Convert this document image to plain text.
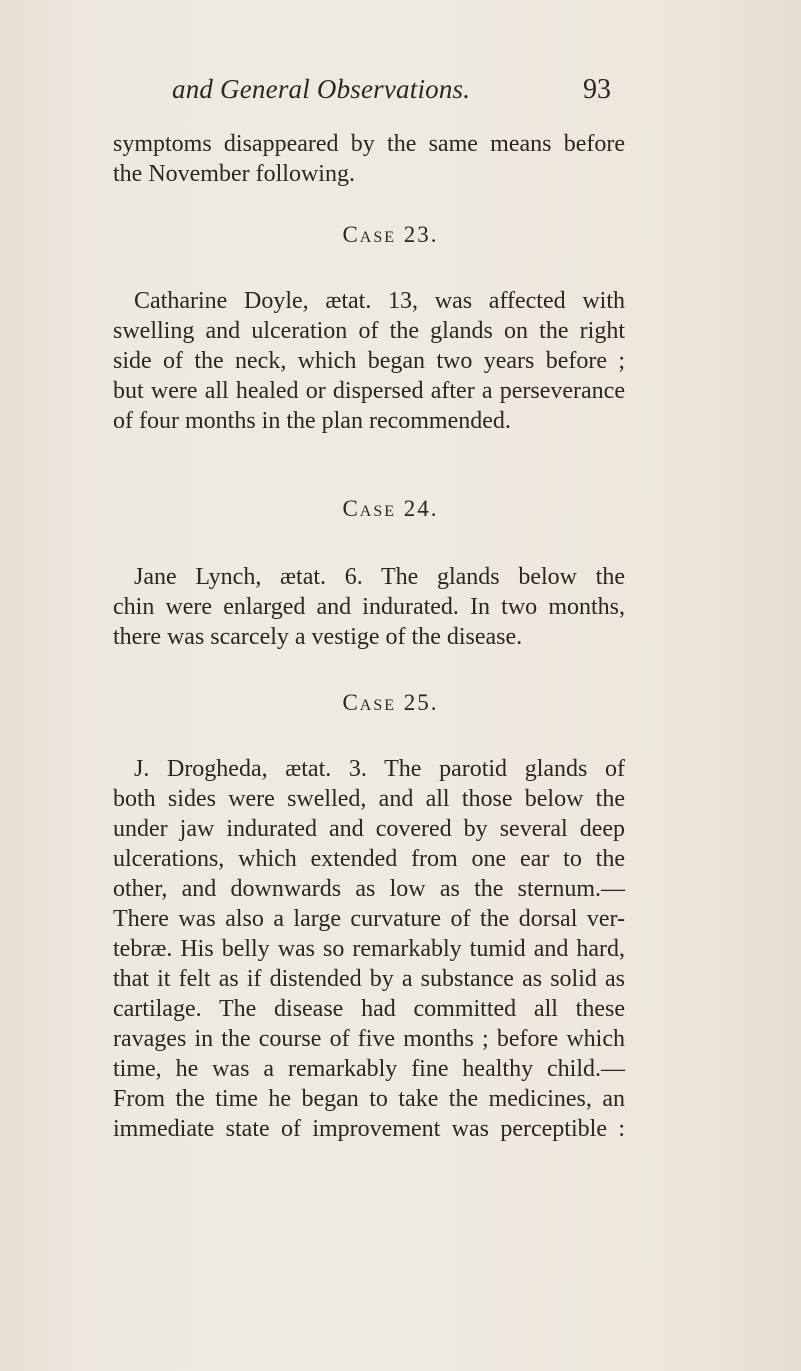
and General Observations.	93
symptoms disappeared by the same means before
the November following.
Case 23.
Catharine Doyle, ætat. 13, was affected with
swelling and ulceration of the glands on the right
side of the neck, which began two years before ;
but were all healed or dispersed after a perseverance
of four months in the plan recommended.
Case 24.
Jane Lynch, ætat. 6. The glands below the
chin were enlarged and indurated. In two months,
there was scarcely a vestige of the disease.
Case 25.
J. Drogheda, ætat. 3. The parotid glands of
both sides were swelled, and all those below the
under jaw indurated and covered by several deep
ulcerations, which extended from one ear to the
other, and downwards as low as the sternum.—
There was also a large curvature of the dorsal ver-
tebræ. His belly was so remarkably tumid and hard,
that it felt as if distended by a substance as solid as
cartilage. The disease had committed all these
ravages in the course of five months ; before which
time, he was a remarkably fine healthy child.—
From the time he began to take the medicines, an
immediate state of improvement was perceptible :
